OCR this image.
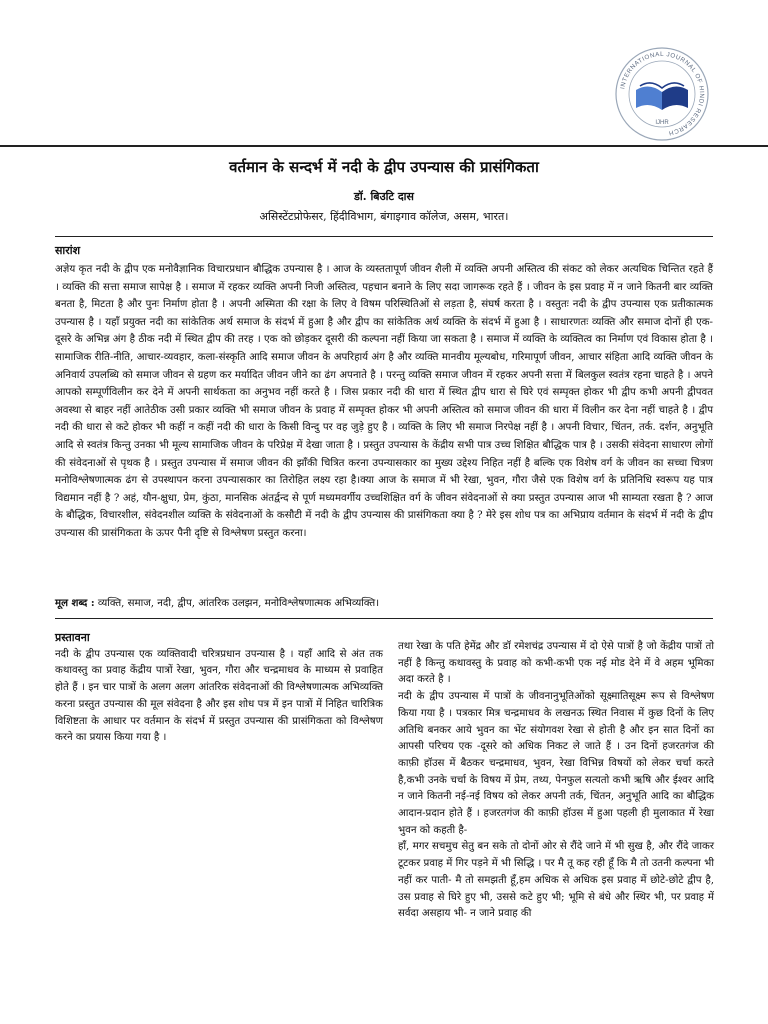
INTERNATIONAL JOURNAL OF HINDI RESEARCH
IJHR
वर्तमान के सन्दर्भ में नदी के द्वीप उपन्यास की प्रासंगिकता
डॉ. बिउटि दास
असिस्टेंटप्रोफेसर, हिंदीविभाग, बंगाइगाव कॉलेज, असम, भारत।
सारांश
अज्ञेय कृत नदी के द्वीप एक मनोवैज्ञानिक विचारप्रधान बौद्धिक उपन्यास है । आज के व्यस्ततापूर्ण जीवन शैली में व्यक्ति अपनी अस्तित्व की संकट को लेकर अत्यधिक चिन्तित रहते हैं । व्यक्ति की सत्ता समाज सापेक्ष है । समाज में रहकर व्यक्ति अपनी निजी अस्तित्व, पहचान बनाने के लिए सदा जागरूक रहते हैं । जीवन के इस प्रवाह में न जाने कितनी बार व्यक्ति बनता है, मिटता है और पुनः निर्माण होता है । अपनी अस्मिता की रक्षा के लिए वे विषम परिस्थितिओं से लड़ता है, संघर्ष करता है । वस्तुतः नदी के द्वीप उपन्यास एक प्रतीकात्मक उपन्यास है । यहाँ प्रयुक्त नदी का सांकेतिक अर्थ समाज के संदर्भ में हुआ है और द्वीप का सांकेतिक अर्थ व्यक्ति के संदर्भ में हुआ है । साधारणतः व्यक्ति और समाज दोनों ही एक-दूसरे के अभिन्न अंग है ठीक नदी में स्थित द्वीप की तरह । एक को छोड़कर दूसरी की कल्पना नहीं किया जा सकता है । समाज में व्यक्ति के व्यक्तित्व का निर्माण एवं विकास होता है ।सामाजिक रीति-नीति, आचार-व्यवहार, कला-संस्कृति आदि समाज जीवन के अपरिहार्य अंग है और व्यक्ति मानवीय मूल्यबोध, गरिमापूर्ण जीवन, आचार संहिता आदि व्यक्ति जीवन के अनिवार्य उपलब्धि को समाज जीवन से ग्रहण कर मर्यादित जीवन जीने का ढंग अपनाते है । परन्तु व्यक्ति समाज जीवन में रहकर अपनी सत्ता में बिलकुल स्वतंत्र रहना चाहते है । अपने आपको सम्पूर्णविलीन कर देने में अपनी सार्थकता का अनुभव नहीं करते है । जिस प्रकार नदी की धारा में स्थित द्वीप धारा से घिरे एवं सम्पृक्त होकर भी द्वीप कभी अपनी द्वीपवत अवस्था से बाहर नहीं आतेठीक उसी प्रकार व्यक्ति भी समाज जीवन के प्रवाह में सम्पृक्त होकर भी अपनी अस्तित्व को समाज जीवन की धारा में विलीन कर देना नहीं चाहते है । द्वीप नदी की धारा से कटे होकर भी कहीं न कहीं नदी की धारा के किसी विन्दु पर वह जुड़े हुए है । व्यक्ति के लिए भी समाज निरपेक्ष नहीं है । अपनी विचार, चिंतन, तर्क. दर्शन, अनुभूति आदि से स्वतंत्र किन्तु उनका भी मूल्य सामाजिक जीवन के परिप्रेक्ष में देखा जाता है । प्रस्तुत उपन्यास के केंद्रीय सभी पात्र उच्च शिक्षित बौद्धिक पात्र है । उसकी संवेदना साधारण लोगों की संवेदनाओं से पृथक है । प्रस्तुत उपन्यास में समाज जीवन की झाँकी चित्रित करना उपन्यासकार का मुख्य उद्देश्य निहित नहीं है बल्कि एक विशेष वर्ग के जीवन का सच्चा चित्रण मनोविश्लेषणात्मक ढंग से उपस्थापन करना उपन्यासकार का तिरोहित लक्ष्य रहा है।क्या आज के समाज में भी रेखा, भुवन, गौरा जैसे एक विशेष वर्ग के प्रतिनिधि स्वरूप यह पात्र विद्यमान नहीं है ? अहं, यौन-क्षुधा, प्रेम, कुंठा, मानसिक अंतर्द्वन्द से पूर्ण मध्यमवर्गीय उच्चशिक्षित वर्ग के जीवन संवेदनाओं से क्या प्रस्तुत उपन्यास आज भी साम्यता रखता है ? आज के बौद्धिक, विचारशील, संवेदनशील व्यक्ति के संवेदनाओं के कसौटी में नदी के द्वीप उपन्यास की प्रासंगिकता क्या है ? मेरे इस शोध पत्र का अभिप्राय वर्तमान के संदर्भ में नदी के द्वीप उपन्यास की प्रासंगिकता के ऊपर पैनी दृष्टि से विश्लेषण प्रस्तुत करना।
मूल शब्द : व्यक्ति, समाज, नदी, द्वीप, आंतरिक उलझन, मनोविश्लेषणात्मक अभिव्यक्ति।
प्रस्तावना

नदी के द्वीप उपन्यास एक व्यक्तिवादी चरित्रप्रधान उपन्यास है । यहाँ आदि से अंत तक कथावस्तु का प्रवाह केंद्रीय पात्रों रेखा, भुवन, गौरा और चन्द्रमाधव के माध्यम से प्रवाहित होते हैं । इन चार पात्रों के अलग अलग आंतरिक संवेदनाओं की विश्लेषणात्मक अभिव्यक्ति करना प्रस्तुत उपन्यास की मूल संवेदना है और इस शोध पत्र में इन पात्रों में निहित चारित्रिक विशिष्टता के आधार पर वर्तमान के संदर्भ में प्रस्तुत उपन्यास की प्रासंगिकता को विश्लेषण करने का प्रयास किया गया है ।

तथा रेखा के पति हेमेंद्र और डॉ रमेशचंद्र उपन्यास में दो ऐसे पात्रों है जो केंद्रीय पात्रों तो नहीं है किन्तु कथावस्तु के प्रवाह को कभी-कभी एक नई मोड देने में वे अहम भूमिका अदा करते है ।

नदी के द्वीप उपन्यास में पात्रों के जीवनानुभूतिओंको सूक्ष्मातिसूक्ष्म रूप से विश्लेषण किया गया है । पत्रकार मित्र चन्द्रमाधव के लखनऊ स्थित निवास में कुछ दिनों के लिए अतिथि बनकर आये भुवन का भेंट संयोगवश रेखा से होती है और इन सात दिनों का आपसी परिचय एक -दूसरे को अधिक निकट ले जाते हैं । उन दिनों हजरतगंज की काफ़ी हॉउस में बैठकर चन्द्रमाधव, भुवन, रेखा विभिन्न विषयों को लेकर चर्चा करते है,कभी उनके चर्चा के विषय में प्रेम, तथ्य, पेनफुल सत्यतो कभी ऋषि और ईश्वर आदि न जाने कितनी नई-नई विषय को लेकर अपनी तर्क, चिंतन, अनुभूति आदि का बौद्धिक आदान-प्रदान होते हैं । हजरतगंज की काफ़ी हॉउस में हुआ पहली ही मुलाकात में रेखा भुवन को कहती है-

हाँ, मगर सचमुच सेतु बन सके तो दोनों ओर से रौंदे जाने में भी सुख है, और रौंदे जाकर टूटकर प्रवाह में गिर पड़ने में भी सिद्धि । पर मै तू कह रही हूँ कि मै तो उतनी कल्पना भी नहीं कर पाती- मै तो समझती हूँ,हम अधिक से अधिक इस प्रवाह में छोटे-छोटे द्वीप है, उस प्रवाह से घिरे हुए भी, उससे कटे हुए भी; भूमि से बंधे और स्थिर भी, पर प्रवाह में सर्वदा असहाय भी- न जाने प्रवाह की
